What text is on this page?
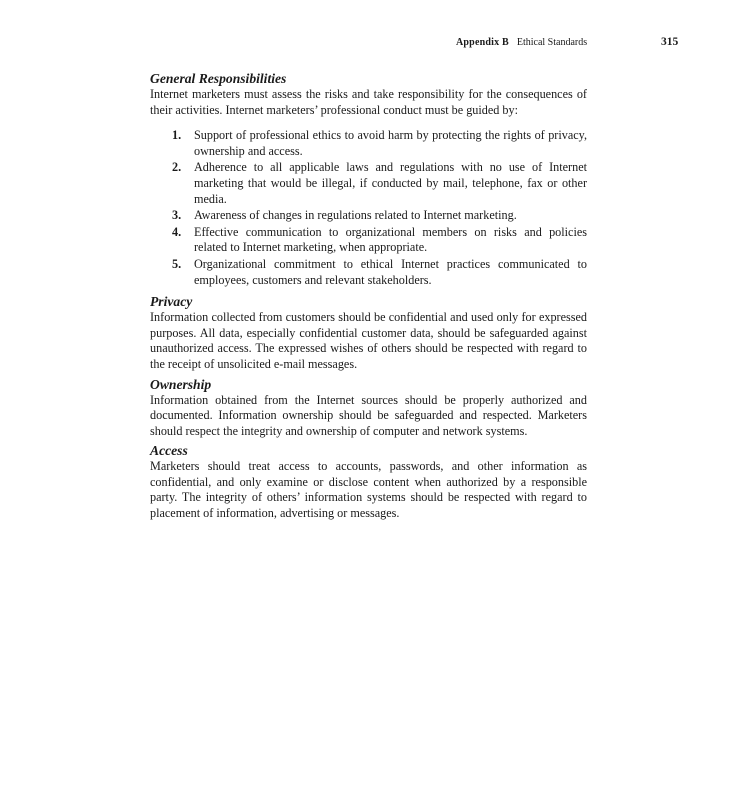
Appendix B Ethical Standards	315
General Responsibilities

Internet marketers must assess the risks and take responsibility for the consequences of their activities. Internet marketers’ professional conduct must be guided by:

1. Support of professional ethics to avoid harm by protecting the rights of privacy, ownership and access.
2. Adherence to all applicable laws and regulations with no use of Internet marketing that would be illegal, if conducted by mail, telephone, fax or other media.
3. Awareness of changes in regulations related to Internet marketing.
4. Effective communication to organizational members on risks and policies related to Internet marketing, when appropriate.
5. Organizational commitment to ethical Internet practices communicated to employees, customers and relevant stakeholders.
Privacy

Information collected from customers should be confidential and used only for expressed purposes. All data, especially confidential customer data, should be safeguarded against unauthorized access. The expressed wishes of others should be respected with regard to the receipt of unsolicited e-mail messages.

Ownership

Information obtained from the Internet sources should be properly authorized and documented. Information ownership should be safeguarded and respected. Marketers should respect the integrity and ownership of computer and network systems.

Access

Marketers should treat access to accounts, passwords, and other information as confidential, and only examine or disclose content when authorized by a responsible party. The integrity of others’ information systems should be respected with regard to placement of information, advertising or messages.
